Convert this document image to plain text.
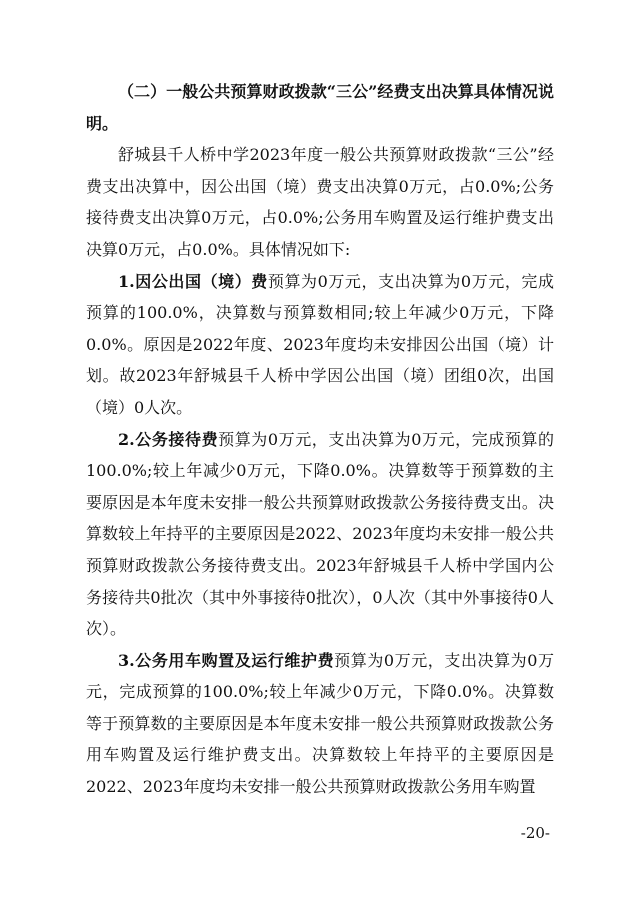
（二）一般公共预算财政拨款“三公”经费支出决算具体情况说明。

舒城县千人桥中学2023年度一般公共预算财政拨款“三公”经费支出决算中，因公出国（境）费支出决算0万元，占0.0%;公务接待费支出决算0万元，占0.0%;公务用车购置及运行维护费支出决算0万元，占0.0%。具体情况如下:

1.因公出国（境）费预算为0万元，支出决算为0万元，完成预算的100.0%，决算数与预算数相同;较上年减少0万元，下降0.0%。原因是2022年度、2023年度均未安排因公出国（境）计划。故2023年舒城县千人桥中学因公出国（境）团组0次，出国（境）0人次。

2.公务接待费预算为0万元，支出决算为0万元，完成预算的100.0%;较上年减少0万元，下降0.0%。决算数等于预算数的主要原因是本年度未安排一般公共预算财政拨款公务接待费支出。决算数较上年持平的主要原因是2022、2023年度均未安排一般公共预算财政拨款公务接待费支出。2023年舒城县千人桥中学国内公务接待共0批次（其中外事接待0批次），0人次（其中外事接待0人次）。

3.公务用车购置及运行维护费预算为0万元，支出决算为0万元，完成预算的100.0%;较上年减少0万元，下降0.0%。决算数等于预算数的主要原因是本年度未安排一般公共预算财政拨款公务用车购置及运行维护费支出。决算数较上年持平的主要原因是2022、2023年度均未安排一般公共预算财政拨款公务用车购置

-20-
